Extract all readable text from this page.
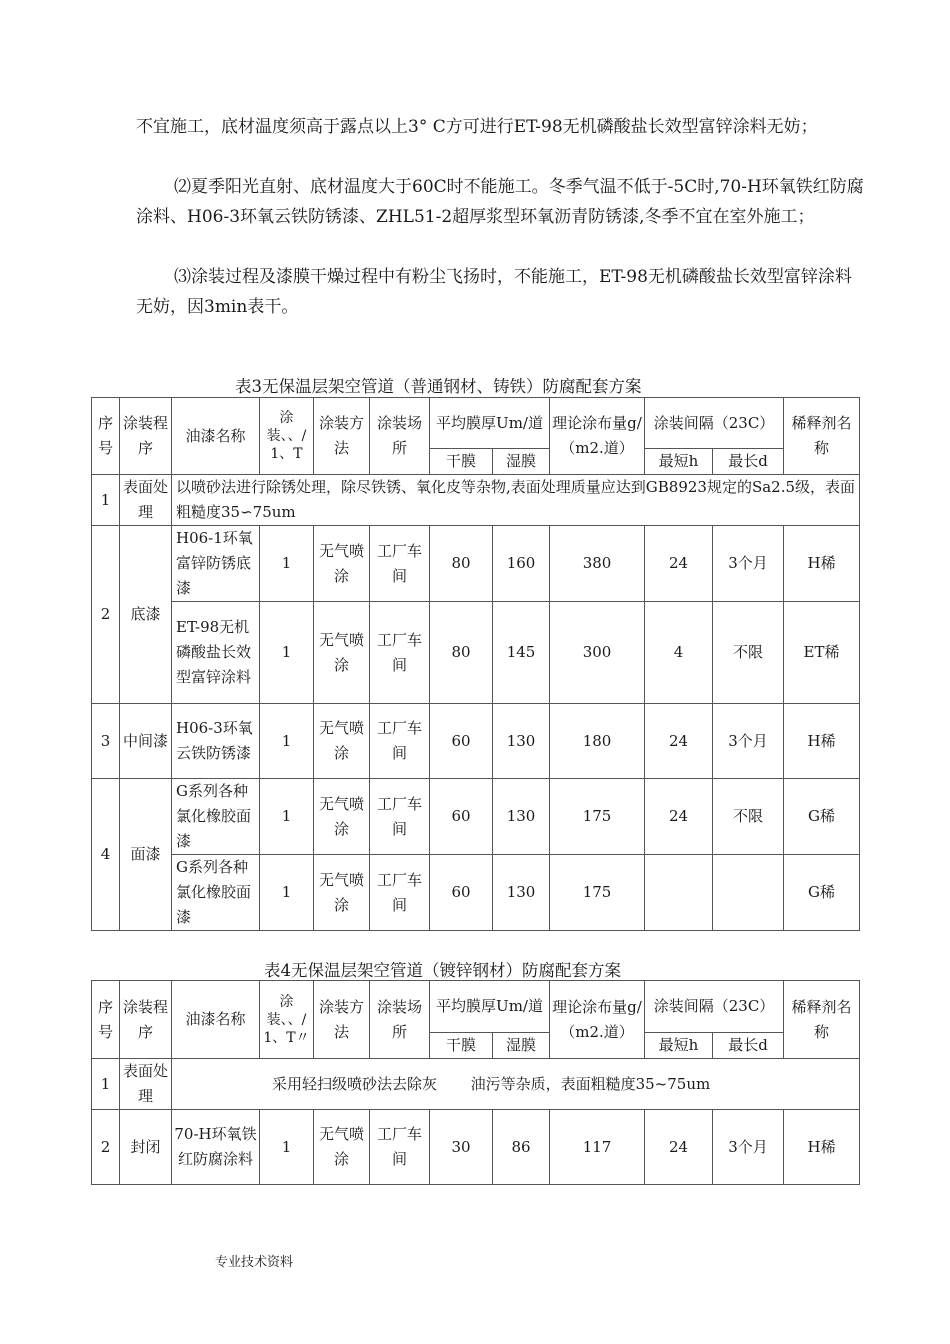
不宜施工，底材温度须高于露点以上3° C方可进行ET-98无机磷酸盐长效型富锌涂料无妨；

⑵夏季阳光直射、底材温度大于60C时不能施工。冬季气温不低于-5C时,70-H环氧铁红防腐涂料、H06-3环氧云铁防锈漆、ZHL51-2超厚浆型环氧沥青防锈漆,冬季不宜在室外施工；

⑶涂装过程及漆膜干燥过程中有粉尘飞扬时，不能施工，ET-98无机磷酸盐长效型富锌涂料无妨，因3min表干。

表3无保温层架空管道（普通钢材、铸铁）防腐配套方案
序号	涂装程序	油漆名称	涂装、、/1、T	涂装方法	涂装场所	平均膜厚Um/道		理论涂布量g/（m2.道）	涂装间隔（23C）		稀释剂名称
						干膜	湿膜		最短h	最长d	
1	表面处理	以喷砂法进行除锈处理，除尽铁锈、氧化皮等杂物,表面处理质量应达到GB8923规定的Sa2.5级，表面粗糙度35∽75um									
2	底漆	H06-1环氧富锌防锈底漆	1	无气喷涂	工厂车间	80	160	380	24	3个月	H稀
		ET-98无机磷酸盐长效型富锌涂料	1	无气喷涂	工厂车间	80	145	300	4	不限	ET稀
3	中间漆	H06-3环氧云铁防锈漆	1	无气喷涂	工厂车间	60	130	180	24	3个月	H稀
4	面漆	G系列各种氯化橡胶面漆	1	无气喷涂	工厂车间	60	130	175	24	不限	G稀
		G系列各种氯化橡胶面漆	1	无气喷涂	工厂车间	60	130	175			G稀
表4无保温层架空管道（镀锌钢材）防腐配套方案
序号	涂装程序	油漆名称	涂装、、/1、T〃	涂装方法	涂装场所	平均膜厚Um/道		理论涂布量g/（m2.道）	涂装间隔（23C）		稀释剂名称
						干膜	湿膜		最短h	最长d	
1	表面处理	采用轻扫级喷砂法去除灰 油污等杂质，表面粗糙度35~75um									
2	封闭	70-H环氧铁红防腐涂料	1	无气喷涂	工厂车间	30	86	117	24	3个月	H稀
专业技术资料
